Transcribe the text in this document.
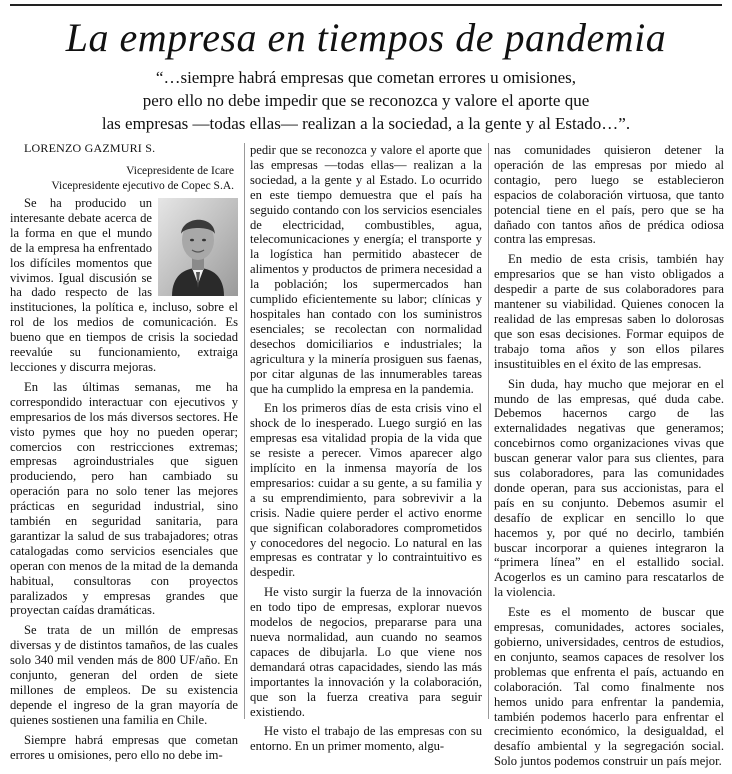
La empresa en tiempos de pandemia
“…siempre habrá empresas que cometan errores u omisiones,
pero ello no debe impedir que se reconozca y valore el aporte que
las empresas —todas ellas— realizan a la sociedad, a la gente y al Estado…”.
LORENZO GAZMURI S.
Vicepresidente de Icare
Vicepresidente ejecutivo de Copec S.A.

Se ha producido un interesante debate acerca de la forma en que el mundo de la empresa ha enfrentado los difíciles momentos que vivimos. Igual discusión se ha dado respecto de las instituciones, la política e, incluso, sobre el rol de los medios de comunicación. Es bueno que en tiempos de crisis la sociedad reevalúe su funcionamiento, extraiga lecciones y discurra mejoras.

En las últimas semanas, me ha correspondido interactuar con ejecutivos y empresarios de los más diversos sectores. He visto pymes que hoy no pueden operar; comercios con restricciones extremas; empresas agroindustriales que siguen produciendo, pero han cambiado su operación para no solo tener las mejores prácticas en seguridad industrial, sino también en seguridad sanitaria, para garantizar la salud de sus trabajadores; otras catalogadas como servicios esenciales que operan con menos de la mitad de la demanda habitual, consultoras con proyectos paralizados y empresas grandes que proyectan caídas dramáticas.

Se trata de un millón de empresas diversas y de distintos tamaños, de las cuales solo 340 mil venden más de 800 UF/año. En conjunto, generan del orden de siete millones de empleos. De su existencia depende el ingreso de la gran mayoría de quienes sostienen una familia en Chile.

Siempre habrá empresas que cometan errores u omisiones, pero ello no debe im-

pedir que se reconozca y valore el aporte que las empresas —todas ellas— realizan a la sociedad, a la gente y al Estado. Lo ocurrido en este tiempo demuestra que el país ha seguido contando con los servicios esenciales de electricidad, combustibles, agua, telecomunicaciones y energía; el transporte y la logística han permitido abastecer de alimentos y productos de primera necesidad a la población; los supermercados han cumplido eficientemente su labor; clínicas y hospitales han contado con los suministros esenciales; se recolectan con normalidad desechos domiciliarios e industriales; la agricultura y la minería prosiguen sus faenas, por citar algunas de las innumerables tareas que ha cumplido la empresa en la pandemia.

En los primeros días de esta crisis vino el shock de lo inesperado. Luego surgió en las empresas esa vitalidad propia de la vida que se resiste a perecer. Vimos aparecer algo implícito en la inmensa mayoría de los empresarios: cuidar a su gente, a su familia y a su emprendimiento, para sobrevivir a la crisis. Nadie quiere perder el activo enorme que significan colaboradores comprometidos y conocedores del negocio. Lo natural en las empresas es contratar y lo contraintuitivo es despedir.

He visto surgir la fuerza de la innovación en todo tipo de empresas, explorar nuevos modelos de negocios, prepararse para una nueva normalidad, aun cuando no seamos capaces de dibujarla. Lo que viene nos demandará otras capacidades, siendo las más importantes la innovación y la colaboración, que son la fuerza creativa para seguir existiendo.

He visto el trabajo de las empresas con su entorno. En un primer momento, algu-

nas comunidades quisieron detener la operación de las empresas por miedo al contagio, pero luego se establecieron espacios de colaboración virtuosa, que tanto potencial tiene en el país, pero que se ha dañado con tantos años de prédica odiosa contra las empresas.

En medio de esta crisis, también hay empresarios que se han visto obligados a despedir a parte de sus colaboradores para mantener su viabilidad. Quienes conocen la realidad de las empresas saben lo dolorosas que son esas decisiones. Formar equipos de trabajo toma años y son ellos pilares insustituibles en el éxito de las empresas.

Sin duda, hay mucho que mejorar en el mundo de las empresas, qué duda cabe. Debemos hacernos cargo de las externalidades negativas que generamos; concebirnos como organizaciones vivas que buscan generar valor para sus clientes, para sus colaboradores, para las comunidades donde operan, para sus accionistas, para el país en su conjunto. Debemos asumir el desafío de explicar en sencillo lo que hacemos y, por qué no decirlo, también buscar incorporar a quienes integraron la “primera línea” en el estallido social. Acogerlos es un camino para rescatarlos de la violencia.

Este es el momento de buscar que empresas, comunidades, actores sociales, gobierno, universidades, centros de estudios, en conjunto, seamos capaces de resolver los problemas que enfrenta el país, actuando en colaboración. Tal como finalmente nos hemos unido para enfrentar la pandemia, también podemos hacerlo para enfrentar el crecimiento económico, la desigualdad, el desafío ambiental y la segregación social. Solo juntos podemos construir un país mejor.
